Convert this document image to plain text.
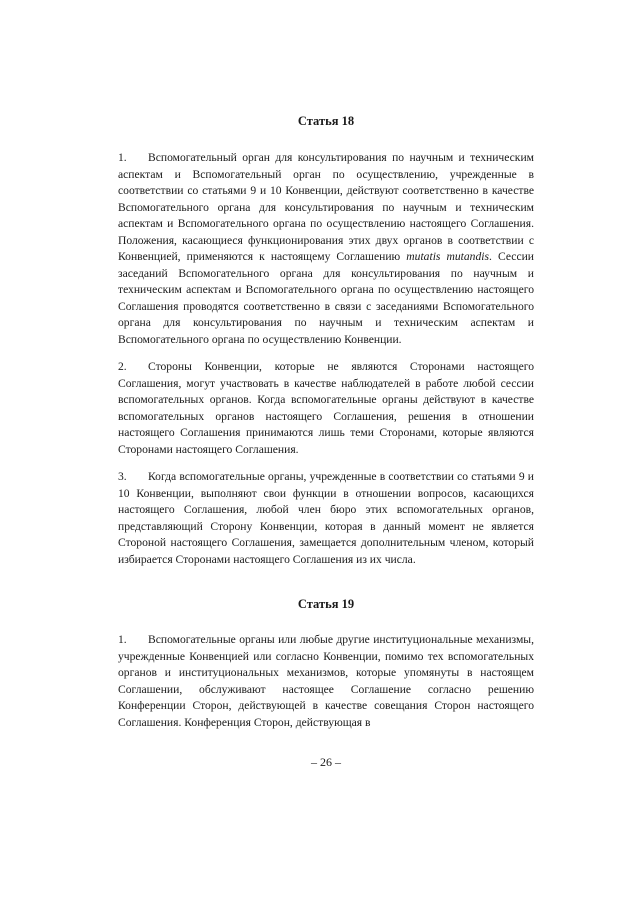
Статья 18

1. Вспомогательный орган для консультирования по научным и техническим аспектам и Вспомогательный орган по осуществлению, учрежденные в соответствии со статьями 9 и 10 Конвенции, действуют соответственно в качестве Вспомогательного органа для консультирования по научным и техническим аспектам и Вспомогательного органа по осуществлению настоящего Соглашения. Положения, касающиеся функционирования этих двух органов в соответствии с Конвенцией, применяются к настоящему Соглашению mutatis mutandis. Сессии заседаний Вспомогательного органа для консультирования по научным и техническим аспектам и Вспомогательного органа по осуществлению настоящего Соглашения проводятся соответственно в связи с заседаниями Вспомогательного органа для консультирования по научным и техническим аспектам и Вспомогательного органа по осуществлению Конвенции.

2. Стороны Конвенции, которые не являются Сторонами настоящего Соглашения, могут участвовать в качестве наблюдателей в работе любой сессии вспомогательных органов. Когда вспомогательные органы действуют в качестве вспомогательных органов настоящего Соглашения, решения в отношении настоящего Соглашения принимаются лишь теми Сторонами, которые являются Сторонами настоящего Соглашения.

3. Когда вспомогательные органы, учрежденные в соответствии со статьями 9 и 10 Конвенции, выполняют свои функции в отношении вопросов, касающихся настоящего Соглашения, любой член бюро этих вспомогательных органов, представляющий Сторону Конвенции, которая в данный момент не является Стороной настоящего Соглашения, замещается дополнительным членом, который избирается Сторонами настоящего Соглашения из их числа.

Статья 19

1. Вспомогательные органы или любые другие институциональные механизмы, учрежденные Конвенцией или согласно Конвенции, помимо тех вспомогательных органов и институциональных механизмов, которые упомянуты в настоящем Соглашении, обслуживают настоящее Соглашение согласно решению Конференции Сторон, действующей в качестве совещания Сторон настоящего Соглашения. Конференция Сторон, действующая в

– 26 –
